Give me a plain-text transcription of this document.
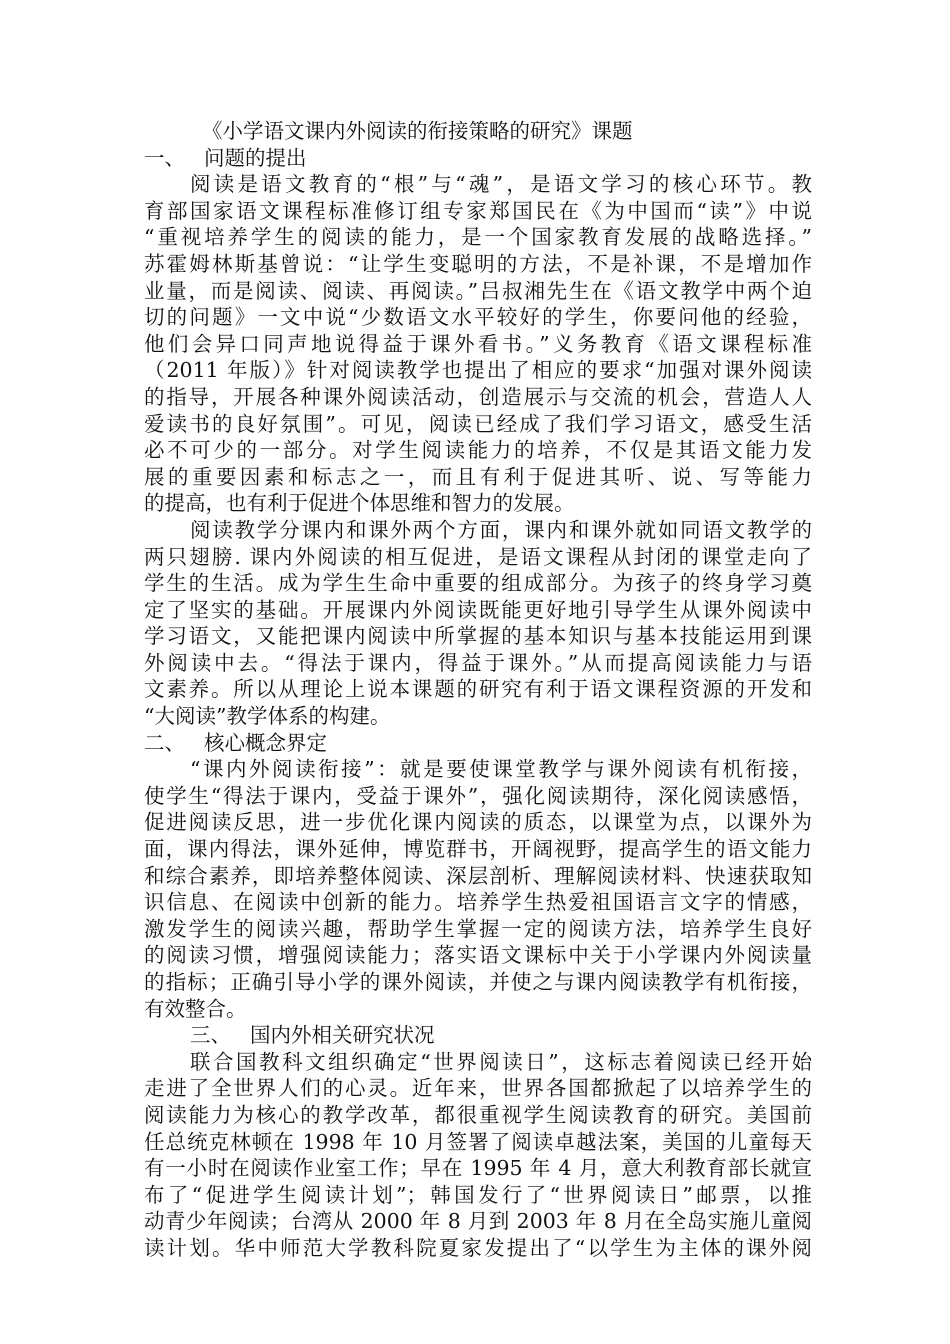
《小学语文课内外阅读的衔接策略的研究》课题
一、 问题的提出
阅读是语文教育的“根”与“魂”，是语文学习的核心环节。教
育部国家语文课程标准修订组专家郑国民在《为中国而“读”》中说
“重视培养学生的阅读的能力，是一个国家教育发展的战略选择。”
苏霍姆林斯基曾说：“让学生变聪明的方法，不是补课，不是增加作
业量，而是阅读、阅读、再阅读。”吕叔湘先生在《语文教学中两个迫
切的问题》一文中说“少数语文水平较好的学生，你要问他的经验，
他们会异口同声地说得益于课外看书。”义务教育《语文课程标准
（2011 年版）》针对阅读教学也提出了相应的要求“加强对课外阅读
的指导，开展各种课外阅读活动，创造展示与交流的机会，营造人人
爱读书的良好氛围”。可见，阅读已经成了我们学习语文，感受生活
必不可少的一部分。对学生阅读能力的培养，不仅是其语文能力发
展的重要因素和标志之一，而且有利于促进其听、说、写等能力
的提高，也有利于促进个体思维和智力的发展。
阅读教学分课内和课外两个方面，课内和课外就如同语文教学的
两只翅膀. 课内外阅读的相互促进，是语文课程从封闭的课堂走向了
学生的生活。成为学生生命中重要的组成部分。为孩子的终身学习奠
定了坚实的基础。开展课内外阅读既能更好地引导学生从课外阅读中
学习语文，又能把课内阅读中所掌握的基本知识与基本技能运用到课
外阅读中去。“得法于课内，得益于课外。”从而提高阅读能力与语
文素养。所以从理论上说本课题的研究有利于语文课程资源的开发和
“大阅读”教学体系的构建。
二、 核心概念界定
“课内外阅读衔接”：就是要使课堂教学与课外阅读有机衔接，
使学生“得法于课内，受益于课外”，强化阅读期待，深化阅读感悟，
促进阅读反思，进一步优化课内阅读的质态，以课堂为点，以课外为
面，课内得法，课外延伸，博览群书，开阔视野，提高学生的语文能力
和综合素养，即培养整体阅读、深层剖析、理解阅读材料、快速获取知
识信息、在阅读中创新的能力。培养学生热爱祖国语言文字的情感，
激发学生的阅读兴趣，帮助学生掌握一定的阅读方法，培养学生良好
的阅读习惯，增强阅读能力；落实语文课标中关于小学课内外阅读量
的指标；正确引导小学的课外阅读，并使之与课内阅读教学有机衔接，
有效整合。
三、 国内外相关研究状况
联合国教科文组织确定“世界阅读日”，这标志着阅读已经开始
走进了全世界人们的心灵。近年来，世界各国都掀起了以培养学生的
阅读能力为核心的教学改革，都很重视学生阅读教育的研究。美国前
任总统克林顿在 1998 年 10 月签署了阅读卓越法案，美国的儿童每天
有一小时在阅读作业室工作；早在 1995 年 4 月，意大利教育部长就宣
布了“促进学生阅读计划”；韩国发行了“世界阅读日”邮票，以推
动青少年阅读；台湾从 2000 年 8 月到 2003 年 8 月在全岛实施儿童阅
读计划。华中师范大学教科院夏家发提出了“以学生为主体的课外阅
